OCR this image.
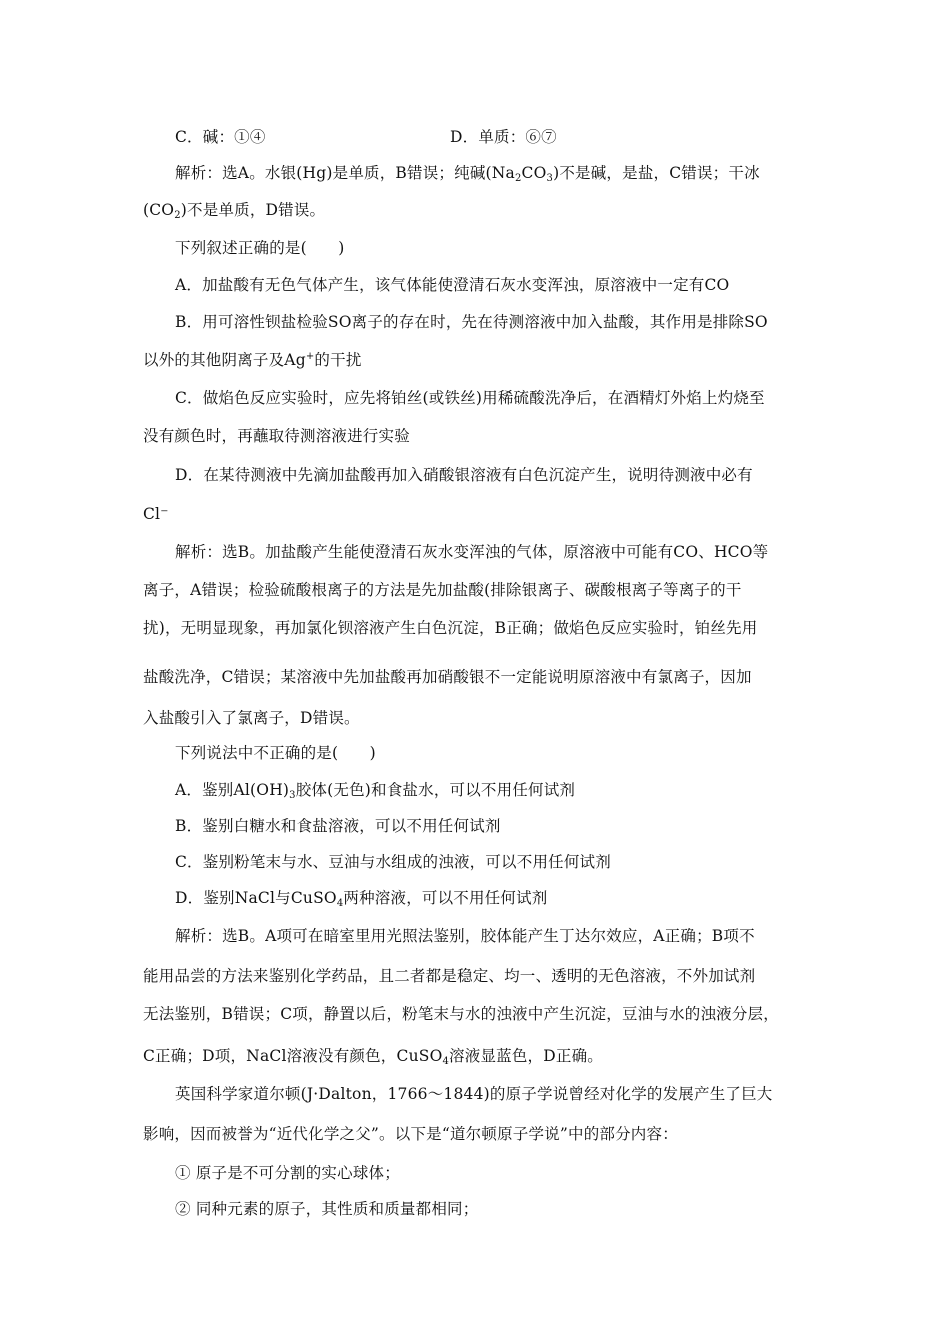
C．碱：①④	D．单质：⑥⑦
解析：选A。水银(Hg)是单质，B错误；纯碱$(Na_2CO_3)$不是碱，是盐，C错误；干冰
$(CO_2)$不是单质，D错误。
下列叙述正确的是(　　)
A．加盐酸有无色气体产生，该气体能使澄清石灰水变浑浊，原溶液中一定有CO
B．用可溶性钡盐检验SO离子的存在时，先在待测溶液中加入盐酸，其作用是排除SO
以外的其他阴离子及Ag+的干扰
C．做焰色反应实验时，应先将铂丝(或铁丝)用稀硫酸洗净后，在酒精灯外焰上灼烧至
没有颜色时，再蘸取待测溶液进行实验
D．在某待测液中先滴加盐酸再加入硝酸银溶液有白色沉淀产生，说明待测液中必有
Cl⁻
解析：选B。加盐酸产生能使澄清石灰水变浑浊的气体，原溶液中可能有CO、HCO等
离子，A错误；检验硫酸根离子的方法是先加盐酸(排除银离子、碳酸根离子等离子的干
扰)，无明显现象，再加氯化钡溶液产生白色沉淀，B正确；做焰色反应实验时，铂丝先用
盐酸洗净，C错误；某溶液中先加盐酸再加硝酸银不一定能说明原溶液中有氯离子，因加
入盐酸引入了氯离子，D错误。
下列说法中不正确的是(　　)
A．鉴别$Al(OH)_3$胶体(无色)和食盐水，可以不用任何试剂
B．鉴别白糖水和食盐溶液，可以不用任何试剂
C．鉴别粉笔末与水、豆油与水组成的浊液，可以不用任何试剂
D．鉴别NaCl与CuSO$_4$两种溶液，可以不用任何试剂
解析：选B。A项可在暗室里用光照法鉴别，胶体能产生丁达尔效应，A正确；B项不
能用品尝的方法来鉴别化学药品，且二者都是稳定、均一、透明的无色溶液，不外加试剂
无法鉴别，B错误；C项，静置以后，粉笔末与水的浊液中产生沉淀，豆油与水的浊液分层，
C正确；D项，NaCl溶液没有颜色，CuSO$_4$溶液显蓝色，D正确。
英国科学家道尔顿(J·Dalton，1766～1844)的原子学说曾经对化学的发展产生了巨大
影响，因而被誉为“近代化学之父”。以下是“道尔顿原子学说”中的部分内容：
① 原子是不可分割的实心球体；
② 同种元素的原子，其性质和质量都相同；
